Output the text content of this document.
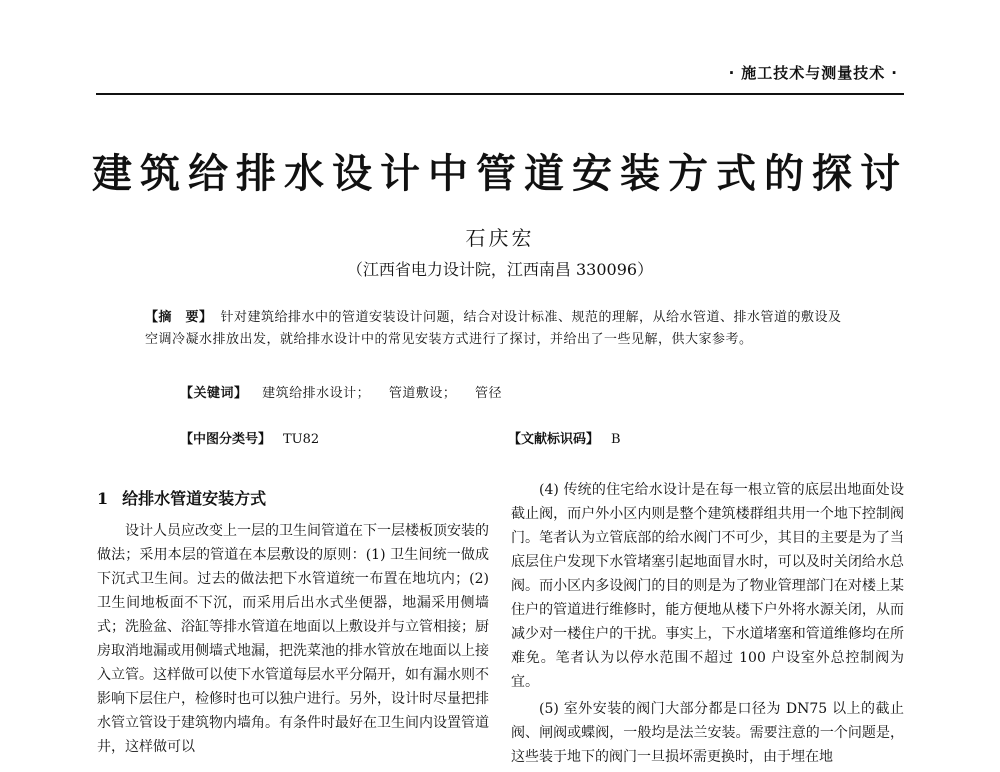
· 施工技术与测量技术 ·
建筑给排水设计中管道安装方式的探讨
石庆宏
（江西省电力设计院，江西南昌 330096）
【摘　要】 针对建筑给排水中的管道安装设计问题，结合对设计标准、规范的理解，从给水管道、排水管道的敷设及空调冷凝水排放出发，就给排水设计中的常见安装方式进行了探讨，并给出了一些见解，供大家参考。
【关键词】 建筑给排水设计； 管道敷设； 管径
【中图分类号】 TU82	【文献标识码】 B
1 给排水管道安装方式

设计人员应改变上一层的卫生间管道在下一层楼板顶安装的做法；采用本层的管道在本层敷设的原则：(1) 卫生间统一做成下沉式卫生间。过去的做法把下水管道统一布置在地坑内；(2) 卫生间地板面不下沉，而采用后出水式坐便器，地漏采用侧墙式；洗脸盆、浴缸等排水管道在地面以上敷设并与立管相接；厨房取消地漏或用侧墙式地漏，把洗菜池的排水管放在地面以上接入立管。这样做可以使下水管道每层水平分隔开，如有漏水则不影响下层住户，检修时也可以独户进行。另外，设计时尽量把排水管立管设于建筑物内墙角。有条件时最好在卫生间内设置管道井，这样做可以

(4) 传统的住宅给水设计是在每一根立管的底层出地面处设截止阀，而户外小区内则是整个建筑楼群组共用一个地下控制阀门。笔者认为立管底部的给水阀门不可少，其目的主要是为了当底层住户发现下水管堵塞引起地面冒水时，可以及时关闭给水总阀。而小区内多设阀门的目的则是为了物业管理部门在对楼上某住户的管道进行维修时，能方便地从楼下户外将水源关闭，从而减少对一楼住户的干扰。事实上，下水道堵塞和管道维修均在所难免。笔者认为以停水范围不超过 100 户设室外总控制阀为宜。

(5) 室外安装的阀门大部分都是口径为 DN75 以上的截止阀、闸阀或蝶阀，一般均是法兰安装。需要注意的一个问题是，这些装于地下的阀门一旦损坏需更换时，由于埋在地
